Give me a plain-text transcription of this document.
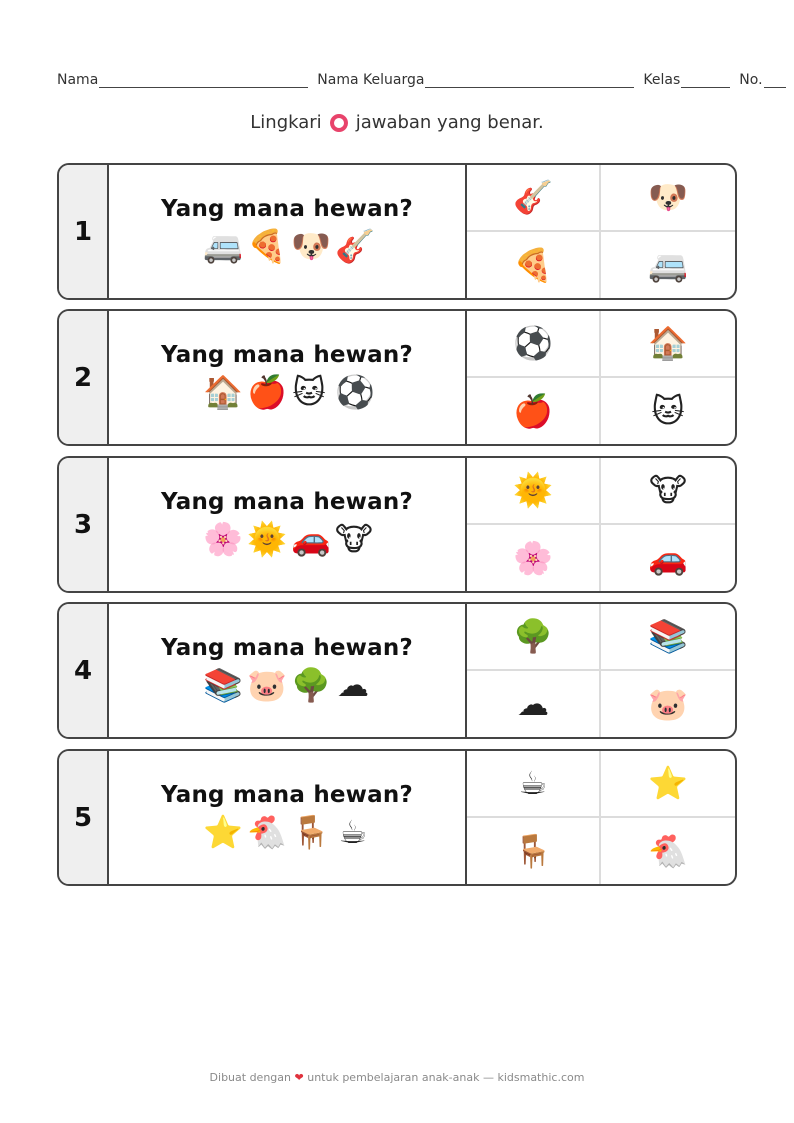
Nama	Nama Keluarga	Kelas	No.
Lingkari jawaban yang benar.
1
Yang mana hewan?
🚐 🍕 🐶 🎸
🎸	🐶
🍕	🚐
2
Yang mana hewan?
🏠 🍎 🐱 ⚽
⚽	🏠
🍎	🐱
3
Yang mana hewan?
🌸 🌞 🚗 🐮
🌞	🐮
🌸	🚗
4
Yang mana hewan?
📚 🐷 🌳 ☁
🌳	📚
☁	🐷
5
Yang mana hewan?
⭐ 🐔 🪑 ☕
☕	⭐
🪑	🐔
Dibuat dengan ❤ untuk pembelajaran anak-anak — kidsmathic.com
